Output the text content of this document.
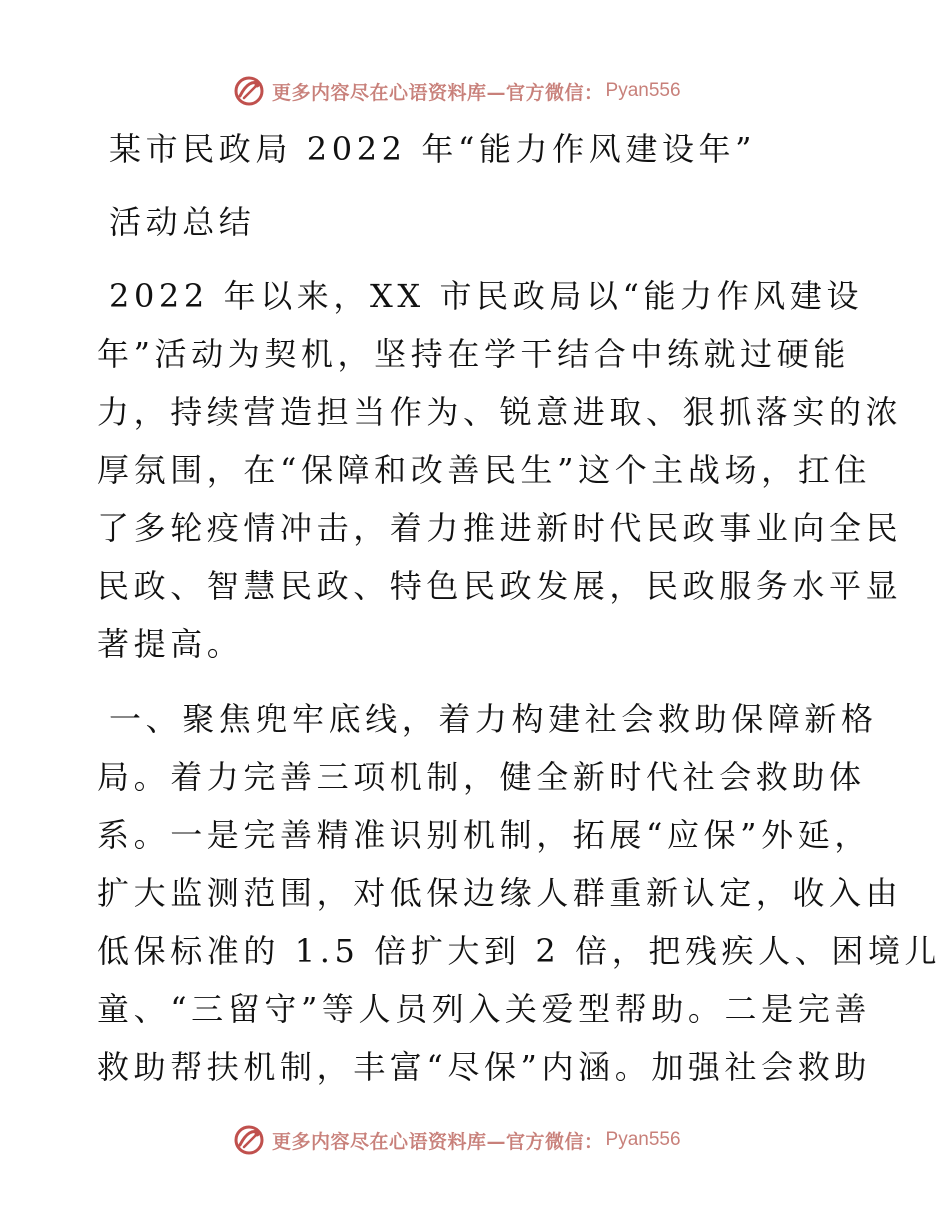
更多内容尽在心语资料库—官方微信： Pyan556
某市民政局 2022 年“能力作风建设年”
活动总结
2022 年以来，XX 市民政局以“能力作风建设
年”活动为契机，坚持在学干结合中练就过硬能
力，持续营造担当作为、锐意进取、狠抓落实的浓
厚氛围，在“保障和改善民生”这个主战场，扛住
了多轮疫情冲击，着力推进新时代民政事业向全民
民政、智慧民政、特色民政发展，民政服务水平显
著提高。
一、聚焦兜牢底线，着力构建社会救助保障新格
局。着力完善三项机制，健全新时代社会救助体
系。一是完善精准识别机制，拓展“应保”外延，
扩大监测范围，对低保边缘人群重新认定，收入由
低保标准的 1.5 倍扩大到 2 倍，把残疾人、困境儿
童、“三留守”等人员列入关爱型帮助。二是完善
救助帮扶机制，丰富“尽保”内涵。加强社会救助
更多内容尽在心语资料库—官方微信： Pyan556
